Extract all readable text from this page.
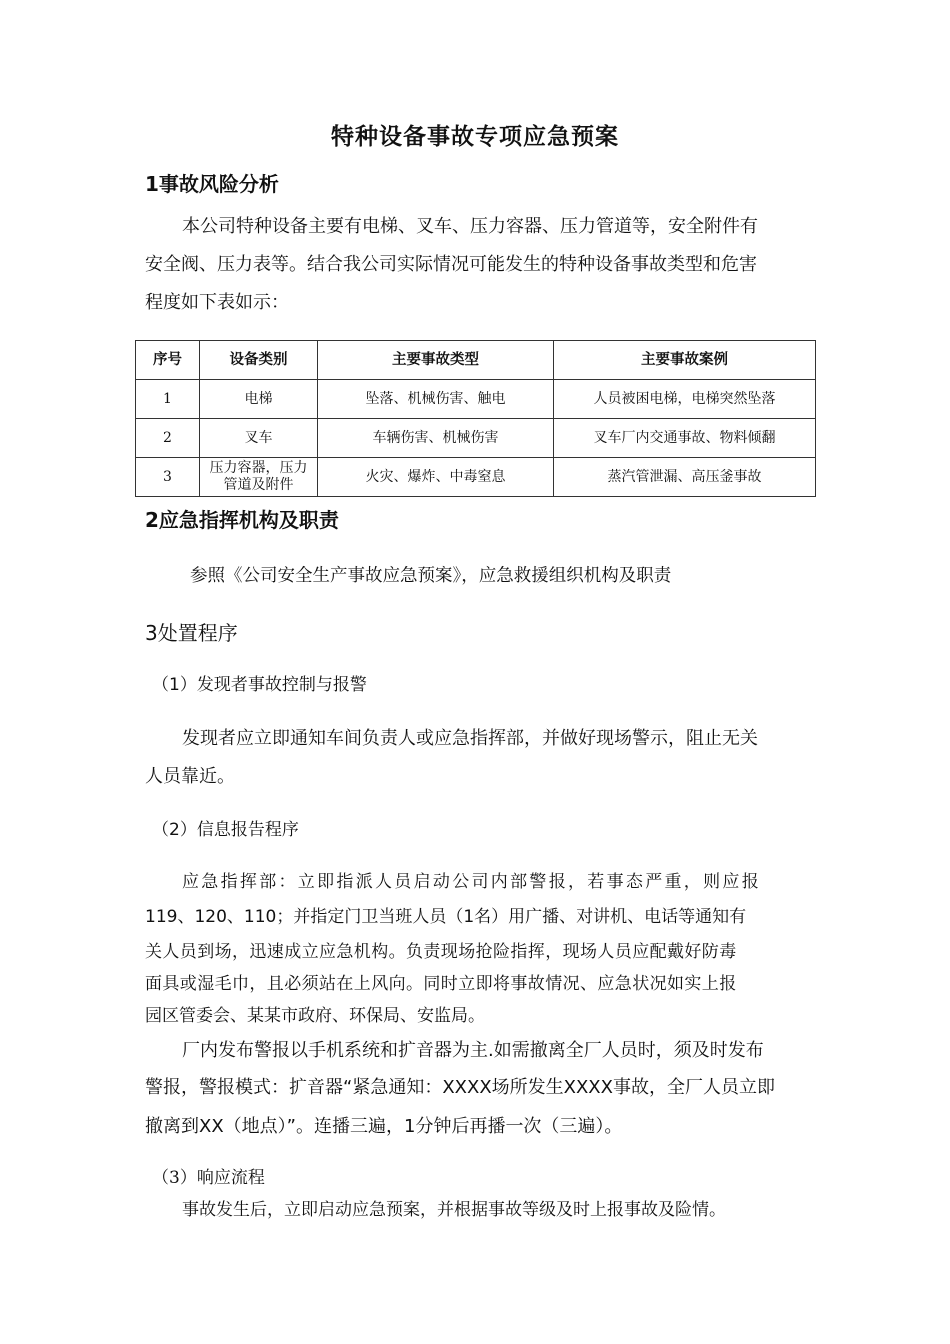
特种设备事故专项应急预案
1事故风险分析
本公司特种设备主要有电梯、叉车、压力容器、压力管道等，安全附件有
安全阀、压力表等。结合我公司实际情况可能发生的特种设备事故类型和危害
程度如下表如示：
序号	设备类别	主要事故类型	主要事故案例
1	电梯	坠落、机械伤害、触电	人员被困电梯，电梯突然坠落
2	叉车	车辆伤害、机械伤害	叉车厂内交通事故、物料倾翻
3	压力容器，压力管道及附件	火灾、爆炸、中毒窒息	蒸汽管泄漏、高压釜事故
2应急指挥机构及职责
参照《公司安全生产事故应急预案》，应急救援组织机构及职责
3处置程序
（1）发现者事故控制与报警
发现者应立即通知车间负责人或应急指挥部，并做好现场警示，阻止无关
人员靠近。
（2）信息报告程序
应急指挥部：立即指派人员启动公司内部警报，若事态严重，则应报
119、120、110；并指定门卫当班人员（1名）用广播、对讲机、电话等通知有
关人员到场，迅速成立应急机构。负责现场抢险指挥，现场人员应配戴好防毒
面具或湿毛巾，且必须站在上风向。同时立即将事故情况、应急状况如实上报
园区管委会、某某市政府、环保局、安监局。
厂内发布警报以手机系统和扩音器为主.如需撤离全厂人员时，须及时发布
警报，警报模式：扩音器“紧急通知：XXXX场所发生XXXX事故，全厂人员立即
撤离到XX（地点）”。连播三遍，1分钟后再播一次（三遍）。
（3）响应流程
事故发生后，立即启动应急预案，并根据事故等级及时上报事故及险情。
